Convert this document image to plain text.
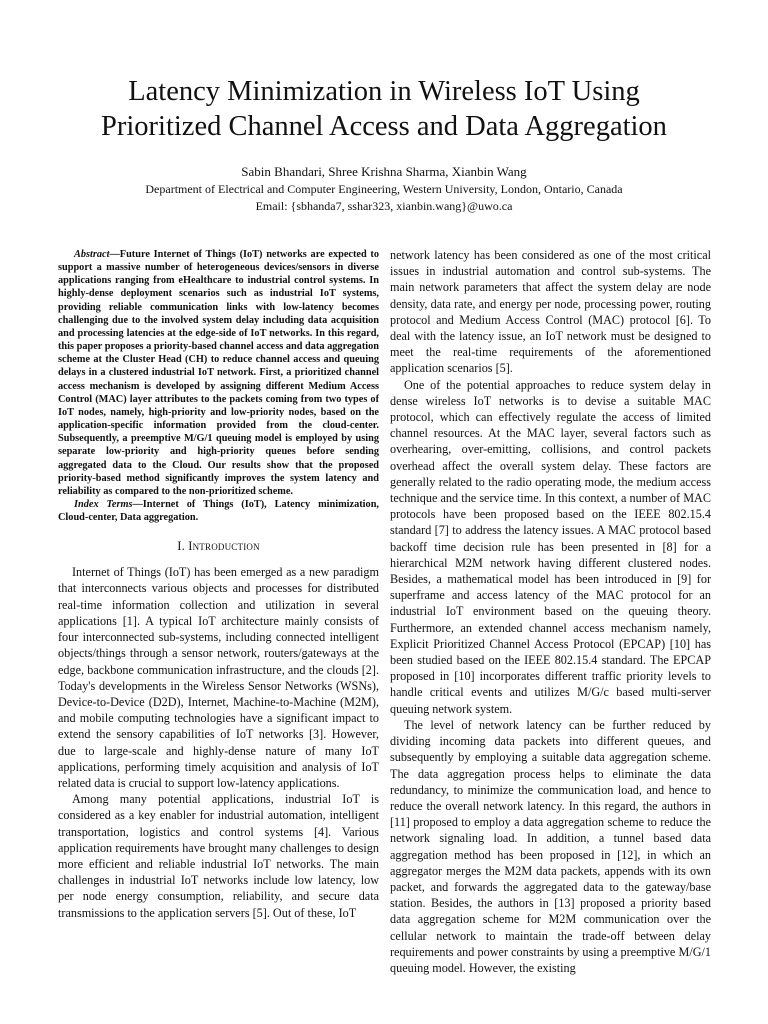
Latency Minimization in Wireless IoT Using
Prioritized Channel Access and Data Aggregation

Sabin Bhandari, Shree Krishna Sharma, Xianbin Wang

Department of Electrical and Computer Engineering, Western University, London, Ontario, Canada

Email: {sbhanda7, sshar323, xianbin.wang}@uwo.ca

Abstract—Future Internet of Things (IoT) networks are expected to support a massive number of heterogeneous devices/sensors in diverse applications ranging from eHealthcare to industrial control systems. In highly-dense deployment scenarios such as industrial IoT systems, providing reliable communication links with low-latency becomes challenging due to the involved system delay including data acquisition and processing latencies at the edge-side of IoT networks. In this regard, this paper proposes a priority-based channel access and data aggregation scheme at the Cluster Head (CH) to reduce channel access and queuing delays in a clustered industrial IoT network. First, a prioritized channel access mechanism is developed by assigning different Medium Access Control (MAC) layer attributes to the packets coming from two types of IoT nodes, namely, high-priority and low-priority nodes, based on the application-specific information provided from the cloud-center. Subsequently, a preemptive M/G/1 queuing model is employed by using separate low-priority and high-priority queues before sending aggregated data to the Cloud. Our results show that the proposed priority-based method significantly improves the system latency and reliability as compared to the non-prioritized scheme.

Index Terms—Internet of Things (IoT), Latency minimization, Cloud-center, Data aggregation.

I. Introduction

Internet of Things (IoT) has been emerged as a new paradigm that interconnects various objects and processes for distributed real-time information collection and utilization in several applications [1]. A typical IoT architecture mainly consists of four interconnected sub-systems, including connected intelligent objects/things through a sensor network, routers/gateways at the edge, backbone communication infrastructure, and the clouds [2]. Today's developments in the Wireless Sensor Networks (WSNs), Device-to-Device (D2D), Internet, Machine-to-Machine (M2M), and mobile computing technologies have a significant impact to extend the sensory capabilities of IoT networks [3]. However, due to large-scale and highly-dense nature of many IoT applications, performing timely acquisition and analysis of IoT related data is crucial to support low-latency applications.

Among many potential applications, industrial IoT is considered as a key enabler for industrial automation, intelligent transportation, logistics and control systems [4]. Various application requirements have brought many challenges to design more efficient and reliable industrial IoT networks. The main challenges in industrial IoT networks include low latency, low per node energy consumption, reliability, and secure data transmissions to the application servers [5]. Out of these, IoT

network latency has been considered as one of the most critical issues in industrial automation and control sub-systems. The main network parameters that affect the system delay are node density, data rate, and energy per node, processing power, routing protocol and Medium Access Control (MAC) protocol [6]. To deal with the latency issue, an IoT network must be designed to meet the real-time requirements of the aforementioned application scenarios [5].

One of the potential approaches to reduce system delay in dense wireless IoT networks is to devise a suitable MAC protocol, which can effectively regulate the access of limited channel resources. At the MAC layer, several factors such as overhearing, over-emitting, collisions, and control packets overhead affect the overall system delay. These factors are generally related to the radio operating mode, the medium access technique and the service time. In this context, a number of MAC protocols have been proposed based on the IEEE 802.15.4 standard [7] to address the latency issues. A MAC protocol based backoff time decision rule has been presented in [8] for a hierarchical M2M network having different clustered nodes. Besides, a mathematical model has been introduced in [9] for superframe and access latency of the MAC protocol for an industrial IoT environment based on the queuing theory. Furthermore, an extended channel access mechanism namely, Explicit Prioritized Channel Access Protocol (EPCAP) [10] has been studied based on the IEEE 802.15.4 standard. The EPCAP proposed in [10] incorporates different traffic priority levels to handle critical events and utilizes M/G/c based multi-server queuing network system.

The level of network latency can be further reduced by dividing incoming data packets into different queues, and subsequently by employing a suitable data aggregation scheme. The data aggregation process helps to eliminate the data redundancy, to minimize the communication load, and hence to reduce the overall network latency. In this regard, the authors in [11] proposed to employ a data aggregation scheme to reduce the network signaling load. In addition, a tunnel based data aggregation method has been proposed in [12], in which an aggregator merges the M2M data packets, appends with its own packet, and forwards the aggregated data to the gateway/base station. Besides, the authors in [13] proposed a priority based data aggregation scheme for M2M communication over the cellular network to maintain the trade-off between delay requirements and power constraints by using a preemptive M/G/1 queuing model. However, the existing
